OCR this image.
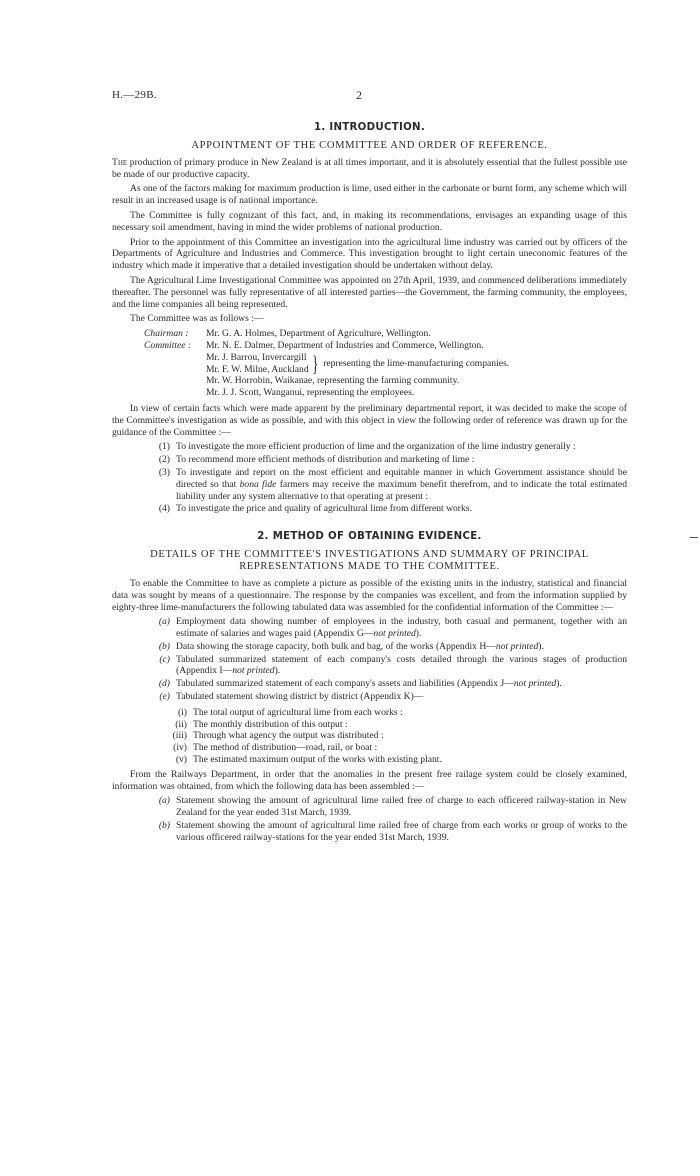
H.—29B.	2
1. INTRODUCTION.
APPOINTMENT OF THE COMMITTEE AND ORDER OF REFERENCE.

The production of primary produce in New Zealand is at all times important, and it is absolutely essential that the fullest possible use be made of our productive capacity.

As one of the factors making for maximum production is lime, used either in the carbonate or burnt form, any scheme which will result in an increased usage is of national importance.

The Committee is fully cognizant of this fact, and, in making its recommendations, envisages an expanding usage of this necessary soil amendment, having in mind the wider problems of national production.

Prior to the appointment of this Committee an investigation into the agricultural lime industry was carried out by officers of the Departments of Agriculture and Industries and Commerce. This investigation brought to light certain uneconomic features of the industry which made it imperative that a detailed investigation should be undertaken without delay.

The Agricultural Lime Investigational Committee was appointed on 27th April, 1939, and commenced deliberations immediately thereafter. The personnel was fully representative of all interested parties—the Government, the farming community, the employees, and the lime companies all being represented.

The Committee was as follows :—

Chairman :	Mr. G. A. Holmes, Department of Agriculture, Wellington.
Committee :	Mr. N. E. Dalmer, Department of Industries and Commerce, Wellington.
Mr. J. Barrou, Invercargill
Mr. F. W. Milne, Auckland } representing the lime-manufacturing companies.
Mr. W. Horrobin, Waikanae, representing the farming community.
Mr. J. J. Scott, Wanganui, representing the employees.

In view of certain facts which were made apparent by the preliminary departmental report, it was decided to make the scope of the Committee's investigation as wide as possible, and with this object in view the following order of reference was drawn up for the guidance of the Committee :—

(1) To investigate the more efficient production of lime and the organization of the lime industry generally :
(2) To recommend more efficient methods of distribution and marketing of lime :
(3) To investigate and report on the most efficient and equitable manner in which Government assistance should be directed so that bona fide farmers may receive the maximum benefit therefrom, and to indicate the total estimated liability under any system alternative to that operating at present :
(4) To investigate the price and quality of agricultural lime from different works.
2. METHOD OF OBTAINING EVIDENCE.
DETAILS OF THE COMMITTEE'S INVESTIGATIONS AND SUMMARY OF PRINCIPAL REPRESENTATIONS MADE TO THE COMMITTEE.

To enable the Committee to have as complete a picture as possible of the existing units in the industry, statistical and financial data was sought by means of a questionnaire. The response by the companies was excellent, and from the information supplied by eighty-three lime-manufacturers the following tabulated data was assembled for the confidential information of the Committee :—

(a) Employment data showing number of employees in the industry, both casual and permanent, together with an estimate of salaries and wages paid (Appendix G—not printed).
(b) Data showing the storage capacity, both bulk and bag, of the works (Appendix H—not printed).
(c) Tabulated summarized statement of each company's costs detailed through the various stages of production (Appendix I—not printed).
(d) Tabulated summarized statement of each company's assets and liabilities (Appendix J—not printed).
(e) Tabulated statement showing district by district (Appendix K)—
(i) The total output of agricultural lime from each works :
(ii) The monthly distribution of this output :
(iii) Through what agency the output was distributed :
(iv) The method of distribution—road, rail, or boat :
(v) The estimated maximum output of the works with existing plant.

From the Railways Department, in order that the anomalies in the present free railage system could be closely examined, information was obtained, from which the following data has been assembled :—

(a) Statement showing the amount of agricultural lime railed free of charge to each officered railway-station in New Zealand for the year ended 31st March, 1939.
(b) Statement showing the amount of agricultural lime railed free of charge from each works or group of works to the various officered railway-stations for the year ended 31st March, 1939.
